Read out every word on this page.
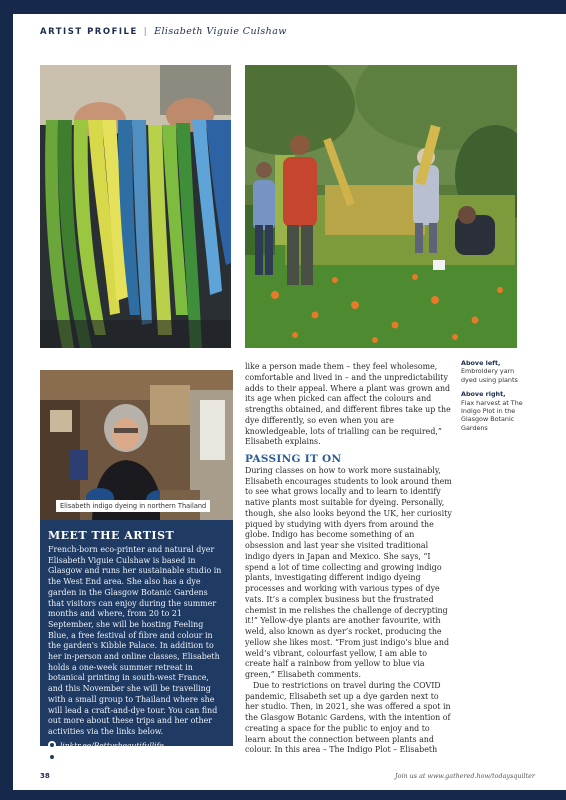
ARTIST PROFILE | Elisabeth Viguie Culshaw
Elisabeth indigo dyeing in northern Thailand
MEET THE ARTIST

French-born eco-printer and natural dyer Elisabeth Viguie Culshaw is based in Glasgow and runs her sustainable studio in the West End area. She also has a dye garden in the Glasgow Botanic Gardens that visitors can enjoy during the summer months and where, from 20 to 21 September, she will be hosting Feeling Blue, a free festival of fibre and colour in the garden's Kibble Palace. In addition to her in-person and online classes, Elisabeth holds a one-week summer retreat in botanical printing in south-west France, and this November she will be travelling with a small group to Thailand where she will lead a craft-and-dye tour. You can find out more about these trips and her other activities via the links below.

linktr.ee/Bettysbeautifullife
@bettysbeautifullife

like a person made them – they feel wholesome, comfortable and lived in – and the unpredictability adds to their appeal. Where a plant was grown and its age when picked can affect the colours and strengths obtained, and different fibres take up the dye differently, so even when you are knowledgeable, lots of trialling can be required,” Elisabeth explains.

PASSING IT ON

During classes on how to work more sustainably, Elisabeth encourages students to look around them to see what grows locally and to learn to identify native plants most suitable for dyeing. Personally, though, she also looks beyond the UK, her curiosity piqued by studying with dyers from around the globe. Indigo has become something of an obsession and last year she visited traditional indigo dyers in Japan and Mexico. She says, “I spend a lot of time collecting and growing indigo plants, investigating different indigo dyeing processes and working with various types of dye vats. It’s a complex business but the frustrated chemist in me relishes the challenge of decrypting it!” Yellow-dye plants are another favourite, with weld, also known as dyer’s rocket, producing the yellow she likes most. “From just indigo’s blue and weld’s vibrant, colourfast yellow, I am able to create half a rainbow from yellow to blue via green,” Elisabeth comments.

Due to restrictions on travel during the COVID pandemic, Elisabeth set up a dye garden next to her studio. Then, in 2021, she was offered a spot in the Glasgow Botanic Gardens, with the intention of creating a space for the public to enjoy and to learn about the connection between plants and colour. In this area – The Indigo Plot – Elisabeth

Above left,
Embroidery yarn dyed using plants
Above right,
Flax harvest at The Indigo Plot in the Glasgow Botanic Gardens
38	Join us at www.gathered.how/todaysquilter
PassionForum.ru
